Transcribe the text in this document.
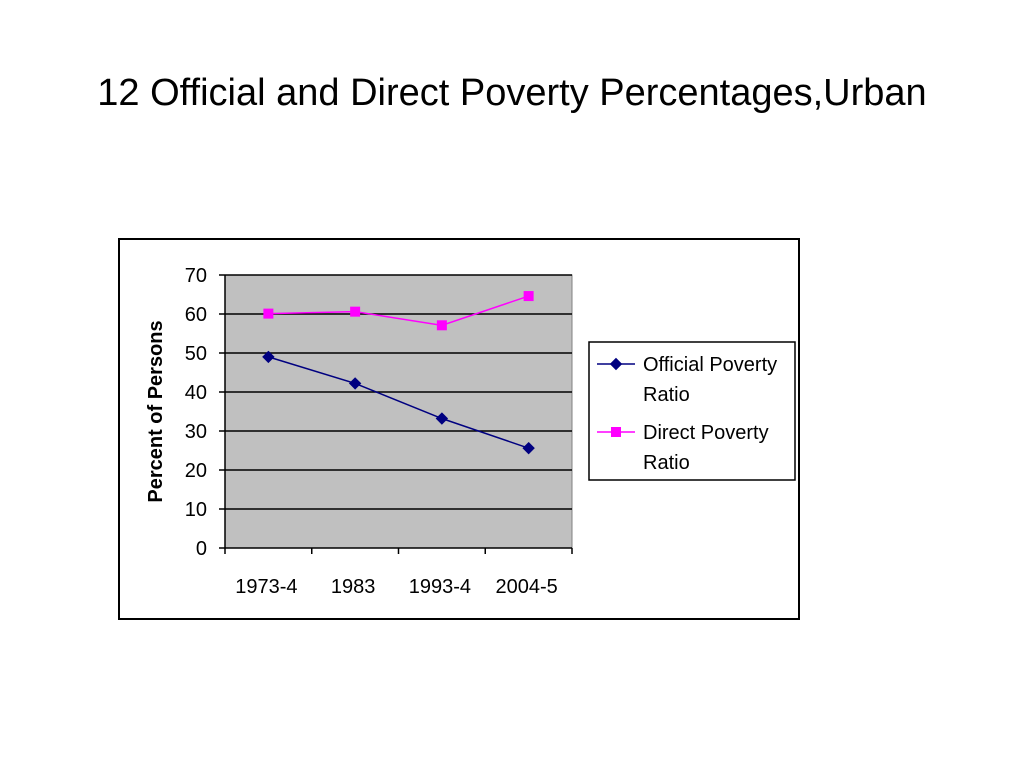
12 Official and Direct Poverty Percentages,Urban
0
10
20
30
40
50
60
70
1973-4 1983 1993-4 2004-5
Percent of Persons	Official Poverty
Ratio
Direct Poverty
Ratio
